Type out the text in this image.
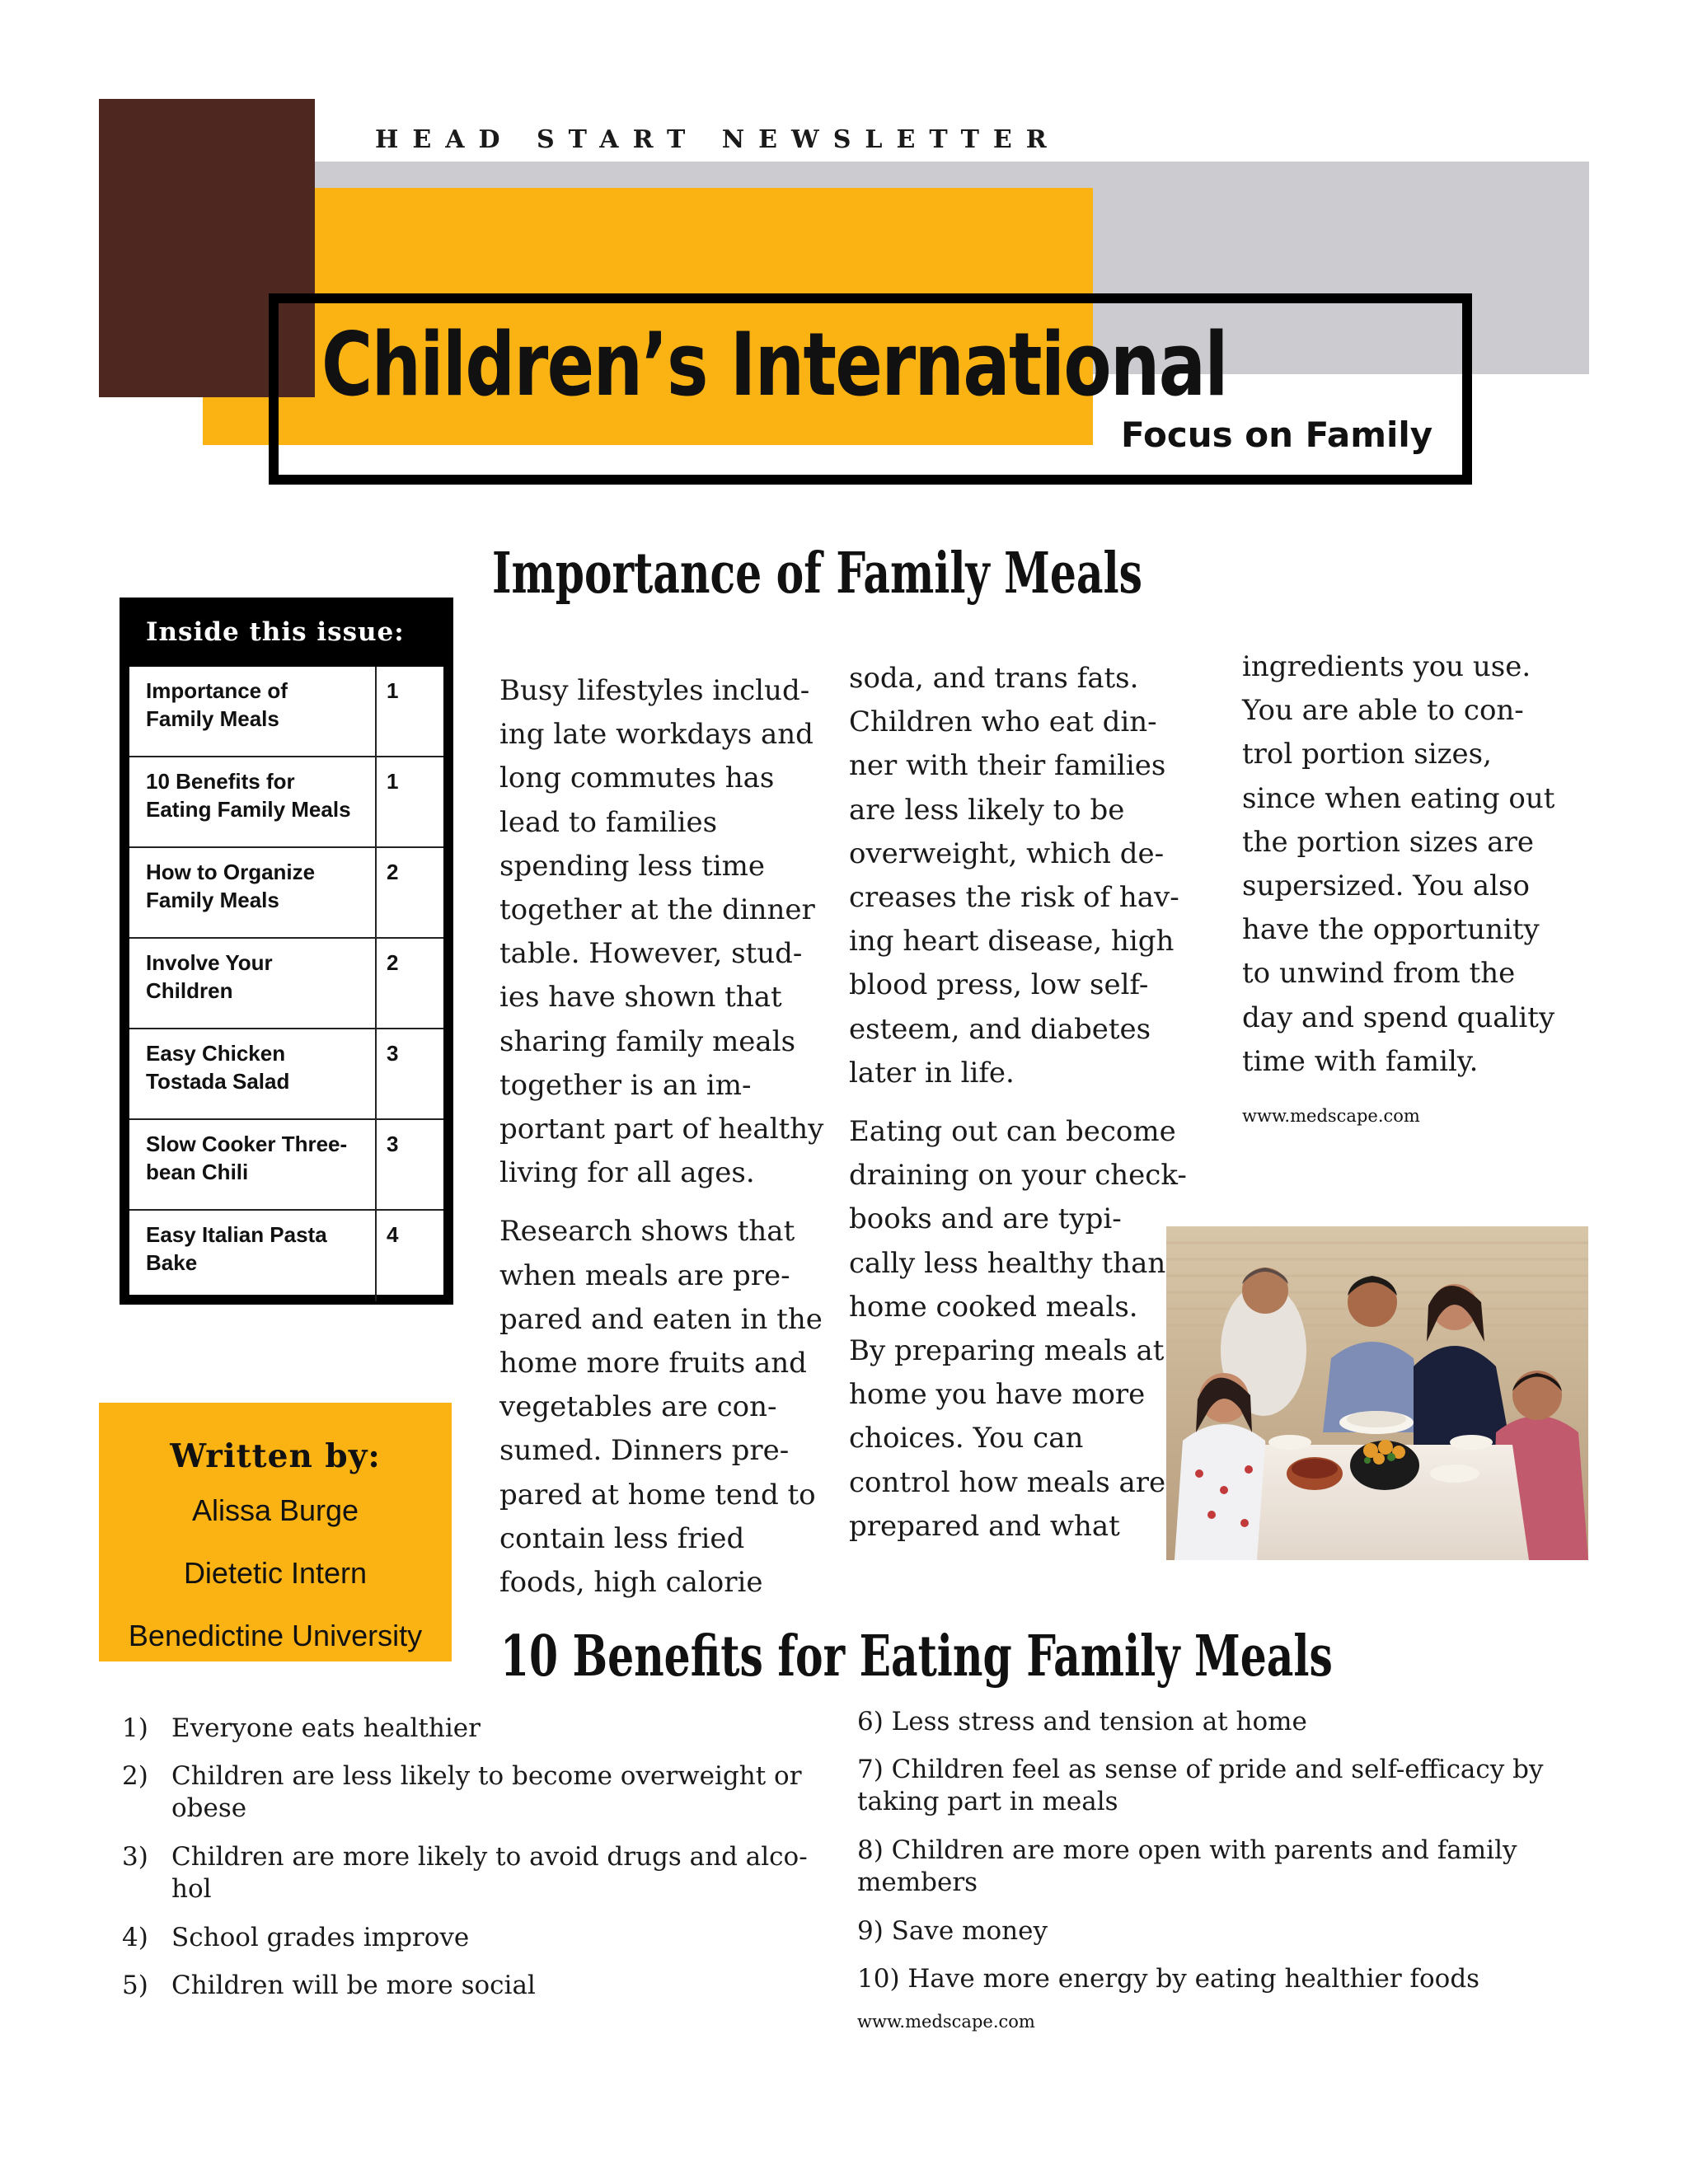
HEAD START NEWSLETTER
Children’s International
Focus on Family
Importance of Family Meals
Inside this issue:
Importance of Family Meals
1
10 Benefits for Eating Family Meals
1
How to Organize Family Meals
2
Involve Your Children
2
Easy Chicken Tostada Salad
3
Slow Cooker Three-bean Chili
3
Easy Italian Pasta Bake
4
Written by:
Alissa Burge
Dietetic Intern
Benedictine University

Busy lifestyles includ-
ing late workdays and
long commutes has
lead to families
spending less time
together at the dinner
table. However, stud-
ies have shown that
sharing family meals
together is an im-
portant part of healthy
living for all ages.

Research shows that
when meals are pre-
pared and eaten in the
home more fruits and
vegetables are con-
sumed. Dinners pre-
pared at home tend to
contain less fried
foods, high calorie

soda, and trans fats.
Children who eat din-
ner with their families
are less likely to be
overweight, which de-
creases the risk of hav-
ing heart disease, high
blood press, low self-
esteem, and diabetes
later in life.

Eating out can become
draining on your check-
books and are typi-
cally less healthy than
home cooked meals.
By preparing meals at
home you have more
choices. You can
control how meals are
prepared and what

ingredients you use.
You are able to con-
trol portion sizes,
since when eating out
the portion sizes are
supersized. You also
have the opportunity
to unwind from the
day and spend quality
time with family.

www.medscape.com
10 Benefits for Eating Family Meals
1) Everyone eats healthier
2) Children are less likely to become overweight or obese
3) Children are more likely to avoid drugs and alco-hol
4) School grades improve
5) Children will be more social
6) Less stress and tension at home
7) Children feel as sense of pride and self-efficacy by taking part in meals
8) Children are more open with parents and family members
9) Save money
10) Have more energy by eating healthier foods
www.medscape.com
